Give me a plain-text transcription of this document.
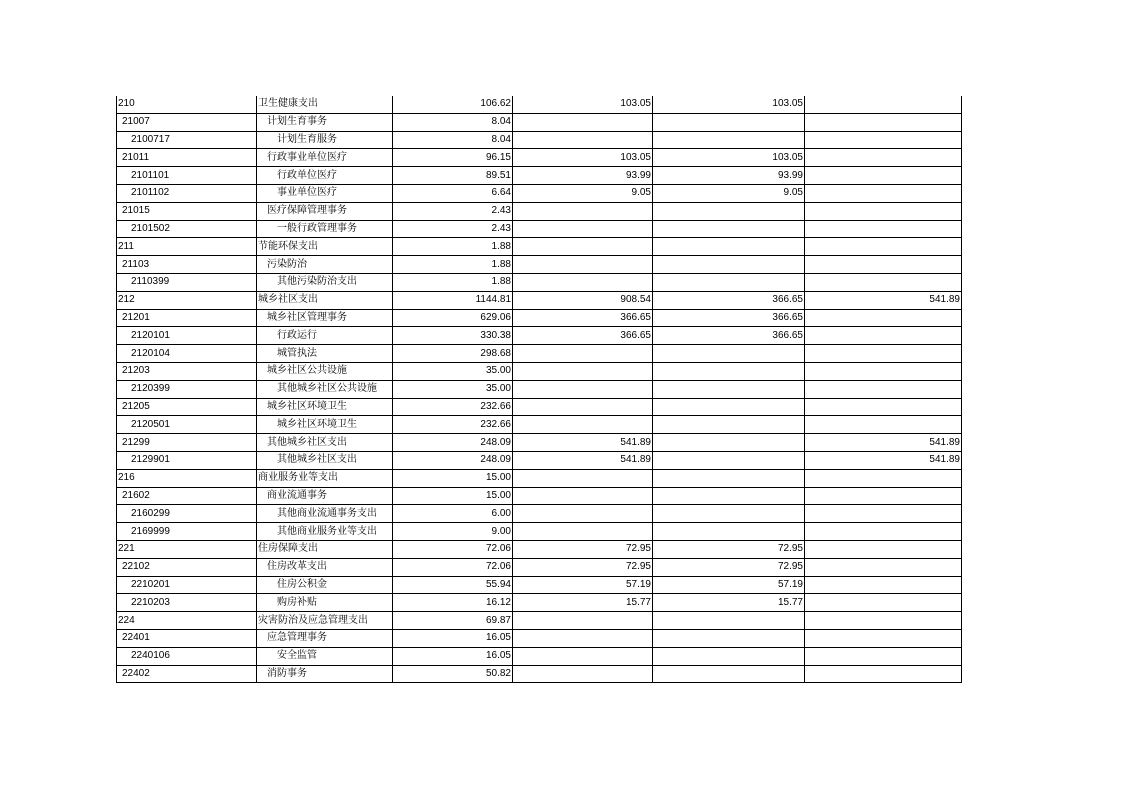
210	卫生健康支出	106.62	103.05	103.05	
21007	计划生育事务	8.04			
2100717	计划生育服务	8.04			
21011	行政事业单位医疗	96.15	103.05	103.05	
2101101	行政单位医疗	89.51	93.99	93.99	
2101102	事业单位医疗	6.64	9.05	9.05	
21015	医疗保障管理事务	2.43			
2101502	一般行政管理事务	2.43			
211	节能环保支出	1.88			
21103	污染防治	1.88			
2110399	其他污染防治支出	1.88			
212	城乡社区支出	1144.81	908.54	366.65	541.89
21201	城乡社区管理事务	629.06	366.65	366.65	
2120101	行政运行	330.38	366.65	366.65	
2120104	城管执法	298.68			
21203	城乡社区公共设施	35.00			
2120399	其他城乡社区公共设施	35.00			
21205	城乡社区环境卫生	232.66			
2120501	城乡社区环境卫生	232.66			
21299	其他城乡社区支出	248.09	541.89		541.89
2129901	其他城乡社区支出	248.09	541.89		541.89
216	商业服务业等支出	15.00			
21602	商业流通事务	15.00			
2160299	其他商业流通事务支出	6.00			
2169999	其他商业服务业等支出	9.00			
221	住房保障支出	72.06	72.95	72.95	
22102	住房改革支出	72.06	72.95	72.95	
2210201	住房公积金	55.94	57.19	57.19	
2210203	购房补贴	16.12	15.77	15.77	
224	灾害防治及应急管理支出	69.87			
22401	应急管理事务	16.05			
2240106	安全监管	16.05			
22402	消防事务	50.82			
